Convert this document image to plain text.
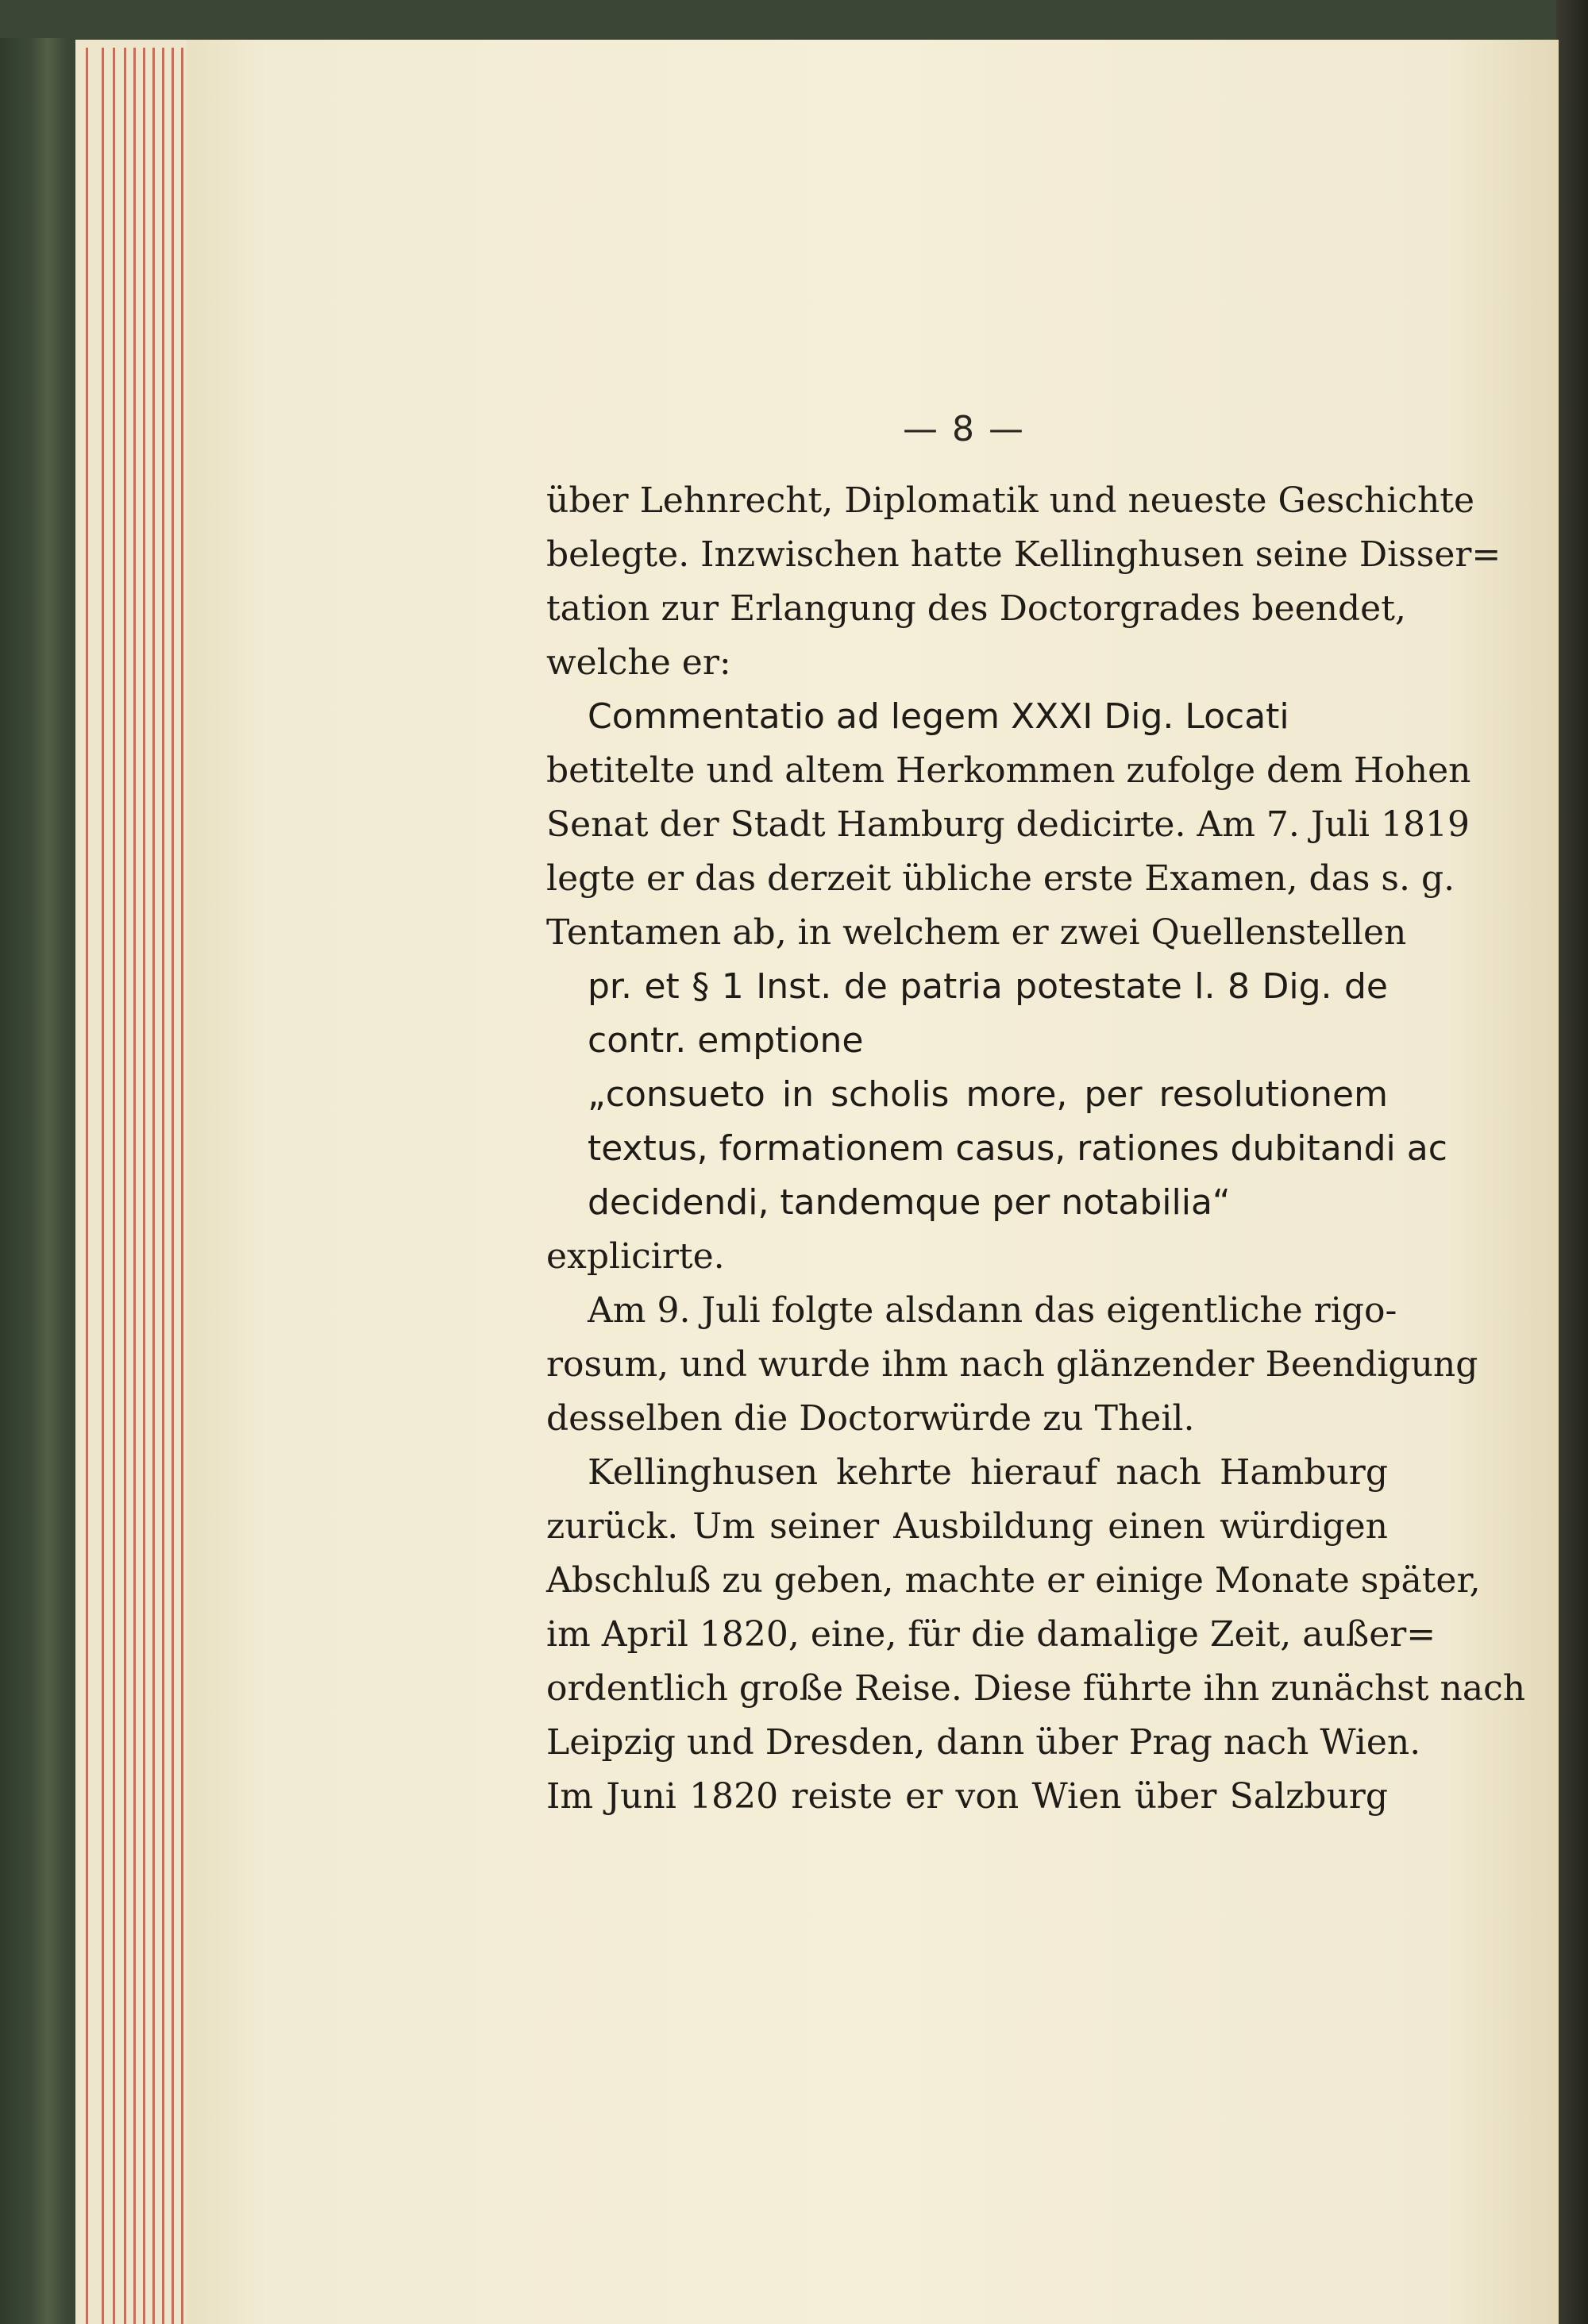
— 8 —
über Lehnrecht, Diplomatik und neueste Geschichte
belegte. Inzwischen hatte Kellinghusen seine Disser=
tation zur Erlangung des Doctorgrades beendet,
welche er:
Commentatio ad legem XXXI Dig. Locati
betitelte und altem Herkommen zufolge dem Hohen
Senat der Stadt Hamburg dedicirte. Am 7. Juli 1819
legte er das derzeit übliche erste Examen, das s. g.
Tentamen ab, in welchem er zwei Quellenstellen
pr. et § 1 Inst. de patria potestate l. 8 Dig. de
contr. emptione
„consueto in scholis more, per resolutionem
textus, formationem casus, rationes dubitandi ac
decidendi, tandemque per notabilia“
explicirte.
Am 9. Juli folgte alsdann das eigentliche rigo-
rosum, und wurde ihm nach glänzender Beendigung
desselben die Doctorwürde zu Theil.
Kellinghusen kehrte hierauf nach Hamburg
zurück. Um seiner Ausbildung einen würdigen
Abschluß zu geben, machte er einige Monate später,
im April 1820, eine, für die damalige Zeit, außer=
ordentlich große Reise. Diese führte ihn zunächst nach
Leipzig und Dresden, dann über Prag nach Wien.
Im Juni 1820 reiste er von Wien über Salzburg
